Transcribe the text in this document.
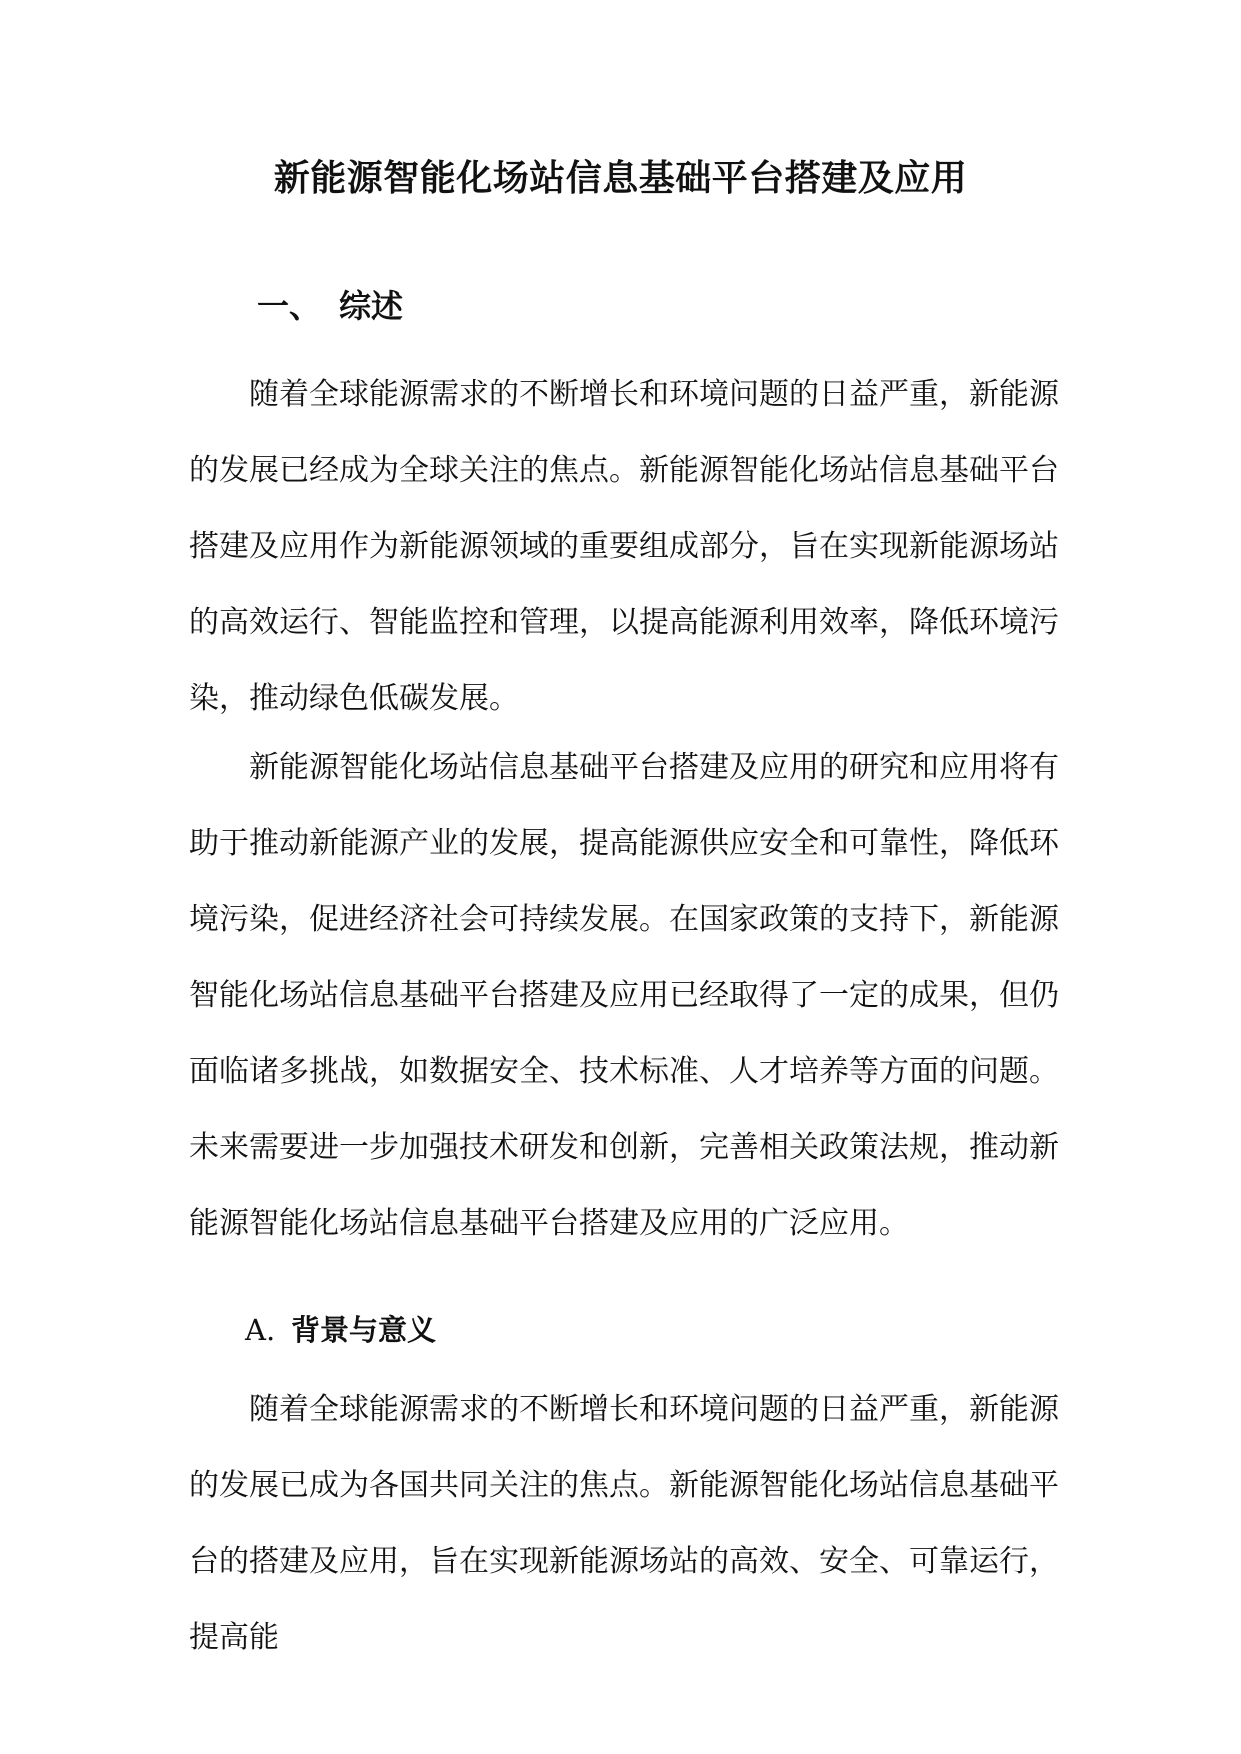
新能源智能化场站信息基础平台搭建及应用
一、 综述

随着全球能源需求的不断增长和环境问题的日益严重，新能源的发展已经成为全球关注的焦点。新能源智能化场站信息基础平台搭建及应用作为新能源领域的重要组成部分，旨在实现新能源场站的高效运行、智能监控和管理，以提高能源利用效率，降低环境污染，推动绿色低碳发展。

新能源智能化场站信息基础平台搭建及应用的研究和应用将有助于推动新能源产业的发展，提高能源供应安全和可靠性，降低环境污染，促进经济社会可持续发展。在国家政策的支持下，新能源智能化场站信息基础平台搭建及应用已经取得了一定的成果，但仍面临诸多挑战，如数据安全、技术标准、人才培养等方面的问题。未来需要进一步加强技术研发和创新，完善相关政策法规，推动新能源智能化场站信息基础平台搭建及应用的广泛应用。

A. 背景与意义

随着全球能源需求的不断增长和环境问题的日益严重，新能源的发展已成为各国共同关注的焦点。新能源智能化场站信息基础平台的搭建及应用，旨在实现新能源场站的高效、安全、可靠运行，提高能
